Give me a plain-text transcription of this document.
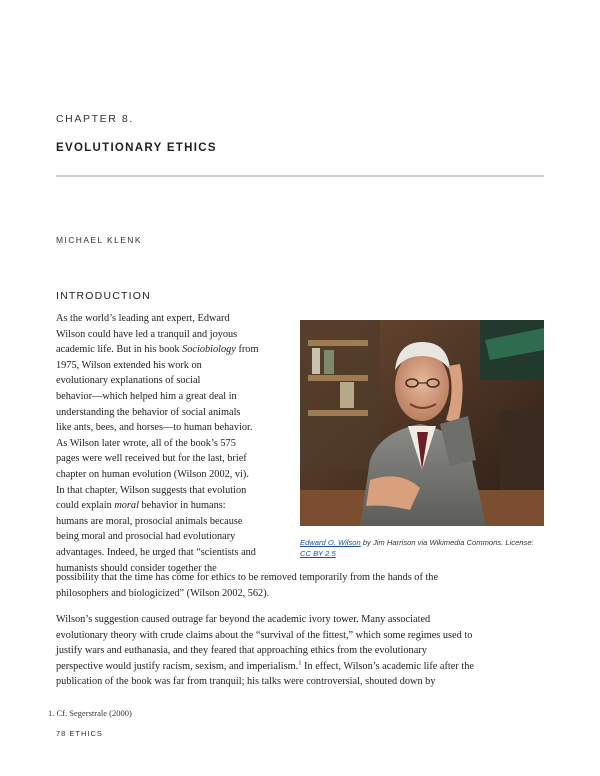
CHAPTER 8.
EVOLUTIONARY ETHICS
MICHAEL KLENK
INTRODUCTION

As the world’s leading ant expert, Edward

Wilson could have led a tranquil and joyous

academic life. But in his book Sociobiology from

1975, Wilson extended his work on

evolutionary explanations of social

behavior—which helped him a great deal in

understanding the behavior of social animals

like ants, bees, and horses—to human behavior.

As Wilson later wrote, all of the book’s 575

pages were well received but for the last, brief

chapter on human evolution (Wilson 2002, vi).

In that chapter, Wilson suggests that evolution

could explain moral behavior in humans:

humans are moral, prosocial animals because

being moral and prosocial had evolutionary

advantages. Indeed, he urged that “scientists and

humanists should consider together the

possibility that the time has come for ethics to be removed temporarily from the hands of the

philosophers and biologicized” (Wilson 2002, 562).

Wilson’s suggestion caused outrage far beyond the academic ivory tower. Many associated

evolutionary theory with crude claims about the “survival of the fittest,” which some regimes used to

justify wars and euthanasia, and they feared that approaching ethics from the evolutionary

perspective would justify racism, sexism, and imperialism.$^1$ In effect, Wilson’s academic life after the

publication of the book was far from tranquil; his talks were controversial, shouted down by

Edward O. Wilson by Jim Harrison via Wikimedia Commons. License: CC BY 2.5
1. Cf. Segerstrale (2000)
78 ETHICS
